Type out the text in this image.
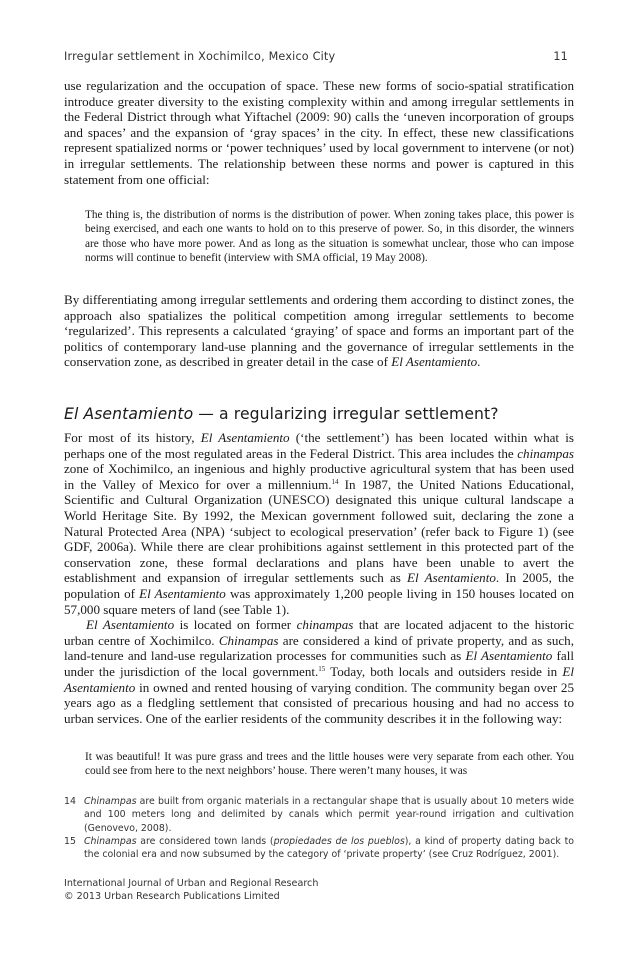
Irregular settlement in Xochimilco, Mexico City	11

use regularization and the occupation of space. These new forms of socio-spatial stratification introduce greater diversity to the existing complexity within and among irregular settlements in the Federal District through what Yiftachel (2009: 90) calls the ‘uneven incorporation of groups and spaces’ and the expansion of ‘gray spaces’ in the city. In effect, these new classifications represent spatialized norms or ‘power techniques’ used by local government to intervene (or not) in irregular settlements. The relationship between these norms and power is captured in this statement from one official:

The thing is, the distribution of norms is the distribution of power. When zoning takes place, this power is being exercised, and each one wants to hold on to this preserve of power. So, in this disorder, the winners are those who have more power. And as long as the situation is somewhat unclear, those who can impose norms will continue to benefit (interview with SMA official, 19 May 2008).

By differentiating among irregular settlements and ordering them according to distinct zones, the approach also spatializes the political competition among irregular settlements to become ‘regularized’. This represents a calculated ‘graying’ of space and forms an important part of the politics of contemporary land-use planning and the governance of irregular settlements in the conservation zone, as described in greater detail in the case of El Asentamiento.

El Asentamiento — a regularizing irregular settlement?

For most of its history, El Asentamiento (‘the settlement’) has been located within what is perhaps one of the most regulated areas in the Federal District. This area includes the chinampas zone of Xochimilco, an ingenious and highly productive agricultural system that has been used in the Valley of Mexico for over a millennium.$^{14}$ In 1987, the United Nations Educational, Scientific and Cultural Organization (UNESCO) designated this unique cultural landscape a World Heritage Site. By 1992, the Mexican government followed suit, declaring the zone a Natural Protected Area (NPA) ‘subject to ecological preservation’ (refer back to Figure 1) (see GDF, 2006a). While there are clear prohibitions against settlement in this protected part of the conservation zone, these formal declarations and plans have been unable to avert the establishment and expansion of irregular settlements such as El Asentamiento. In 2005, the population of El Asentamiento was approximately 1,200 people living in 150 houses located on 57,000 square meters of land (see Table 1).

El Asentamiento is located on former chinampas that are located adjacent to the historic urban centre of Xochimilco. Chinampas are considered a kind of private property, and as such, land-tenure and land-use regularization processes for communities such as El Asentamiento fall under the jurisdiction of the local government.$^{15}$ Today, both locals and outsiders reside in El Asentamiento in owned and rented housing of varying condition. The community began over 25 years ago as a fledgling settlement that consisted of precarious housing and had no access to urban services. One of the earlier residents of the community describes it in the following way:

It was beautiful! It was pure grass and trees and the little houses were very separate from each other. You could see from here to the next neighbors’ house. There weren’t many houses, it was

14 Chinampas are built from organic materials in a rectangular shape that is usually about 10 meters wide and 100 meters long and delimited by canals which permit year-round irrigation and cultivation (Genovevo, 2008).

15 Chinampas are considered town lands (propiedades de los pueblos), a kind of property dating back to the colonial era and now subsumed by the category of ‘private property’ (see Cruz Rodríguez, 2001).

International Journal of Urban and Regional Research
© 2013 Urban Research Publications Limited
